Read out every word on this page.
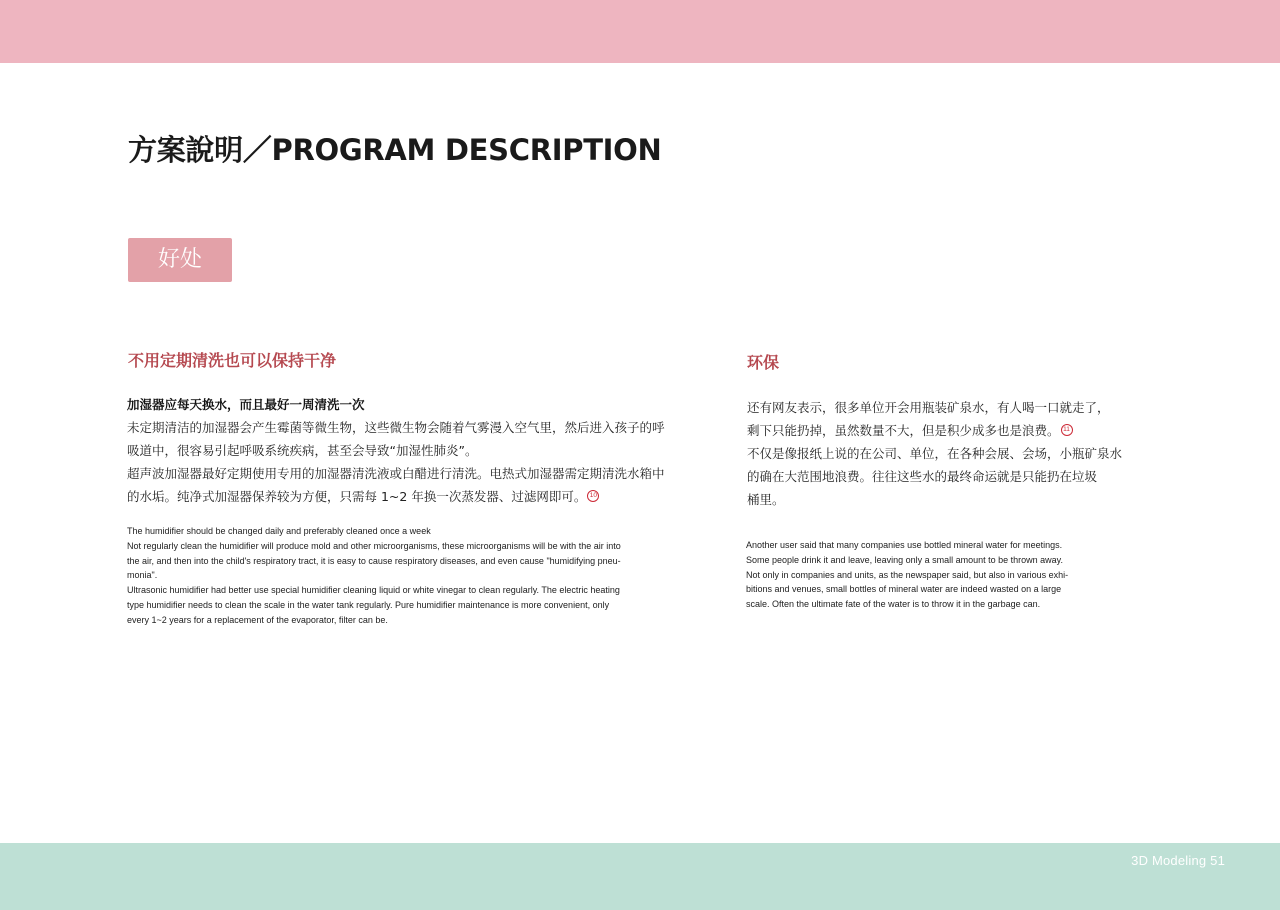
方案說明／PROGRAM DESCRIPTION
好处
不用定期清洗也可以保持干净

加湿器应每天换水，而且最好一周清洗一次

未定期清洁的加湿器会产生霉菌等微生物，这些微生物会随着气雾漫入空气里，然后进入孩子的呼

吸道中，很容易引起呼吸系统疾病，甚至会导致“加湿性肺炎”。

超声波加湿器最好定期使用专用的加湿器清洗液或白醋进行清洗。电热式加湿器需定期清洗水箱中

的水垢。纯净式加湿器保养较为方便，只需每 1~2 年换一次蒸发器、过滤网即可。 10

The humidifier should be changed daily and preferably cleaned once a week

Not regularly clean the humidifier will produce mold and other microorganisms, these microorganisms will be with the air into

the air, and then into the child's respiratory tract, it is easy to cause respiratory diseases, and even cause "humidifying pneu-

monia".

Ultrasonic humidifier had better use special humidifier cleaning liquid or white vinegar to clean regularly. The electric heating

type humidifier needs to clean the scale in the water tank regularly. Pure humidifier maintenance is more convenient, only

every 1~2 years for a replacement of the evaporator, filter can be.

环保

还有网友表示，很多单位开会用瓶装矿泉水，有人喝一口就走了，

剩下只能扔掉，虽然数量不大，但是积少成多也是浪费。 11

不仅是像报纸上说的在公司、单位，在各种会展、会场，小瓶矿泉水

的确在大范围地浪费。往往这些水的最终命运就是只能扔在垃圾

桶里。

Another user said that many companies use bottled mineral water for meetings.

Some people drink it and leave, leaving only a small amount to be thrown away.

Not only in companies and units, as the newspaper said, but also in various exhi-

bitions and venues, small bottles of mineral water are indeed wasted on a large

scale. Often the ultimate fate of the water is to throw it in the garbage can.

3D Modeling 51
